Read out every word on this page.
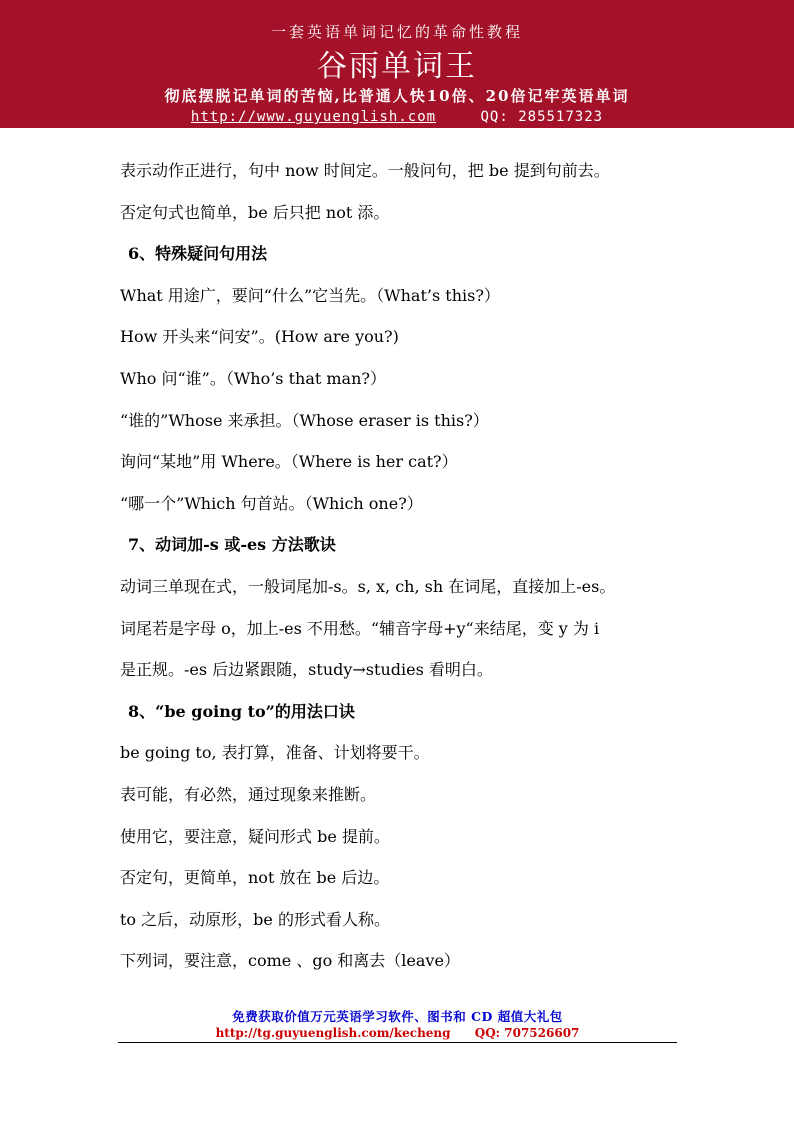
一套英语单词记忆的革命性教程
谷雨单词王
彻底摆脱记单词的苦恼,比普通人快10倍、20倍记牢英语单词
http://www.guyuenglish.com	QQ: 285517323
表示动作正进行，句中 now 时间定。一般问句，把 be 提到句前去。
否定句式也简单，be 后只把 not 添。
6、特殊疑问句用法
What 用途广，要问“什么”它当先。（What’s this?）
How 开头来“问安”。(How are you?)
Who 问“谁”。（Who’s that man?）
“谁的”Whose 来承担。（Whose eraser is this?）
询问“某地”用 Where。（Where is her cat?）
“哪一个”Which 句首站。（Which one?）
7、动词加-s 或-es 方法歌诀
动词三单现在式，一般词尾加-s。s, x, ch, sh 在词尾，直接加上-es。
词尾若是字母 o，加上-es 不用愁。“辅音字母+y“来结尾，变 y 为 i
是正规。-es 后边紧跟随，study→studies 看明白。
8、“be going to”的用法口诀
be going to, 表打算，准备、计划将要干。
表可能，有必然，通过现象来推断。
使用它，要注意，疑问形式 be 提前。
否定句，更简单，not 放在 be 后边。
to 之后，动原形，be 的形式看人称。
下列词，要注意，come 、go 和离去（leave）
免费获取价值万元英语学习软件、图书和 CD 超值大礼包
http://tg.guyuenglish.com/kecheng QQ: 707526607
